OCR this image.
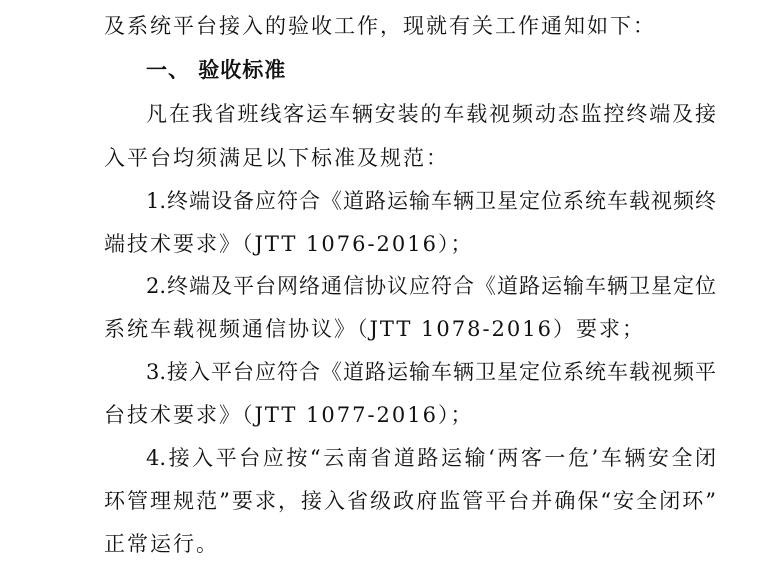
及系统平台接入的验收工作，现就有关工作通知如下：
一、 验收标准
凡在我省班线客运车辆安装的车载视频动态监控终端及接
入平台均须满足以下标准及规范：
1.终端设备应符合《道路运输车辆卫星定位系统车载视频终
端技术要求》（JTT 1076-2016）；
2.终端及平台网络通信协议应符合《道路运输车辆卫星定位
系统车载视频通信协议》（JTT 1078-2016）要求；
3.接入平台应符合《道路运输车辆卫星定位系统车载视频平
台技术要求》（JTT 1077-2016）；
4.接入平台应按“云南省道路运输‘两客一危’车辆安全闭
环管理规范”要求，接入省级政府监管平台并确保“安全闭环”
正常运行。
